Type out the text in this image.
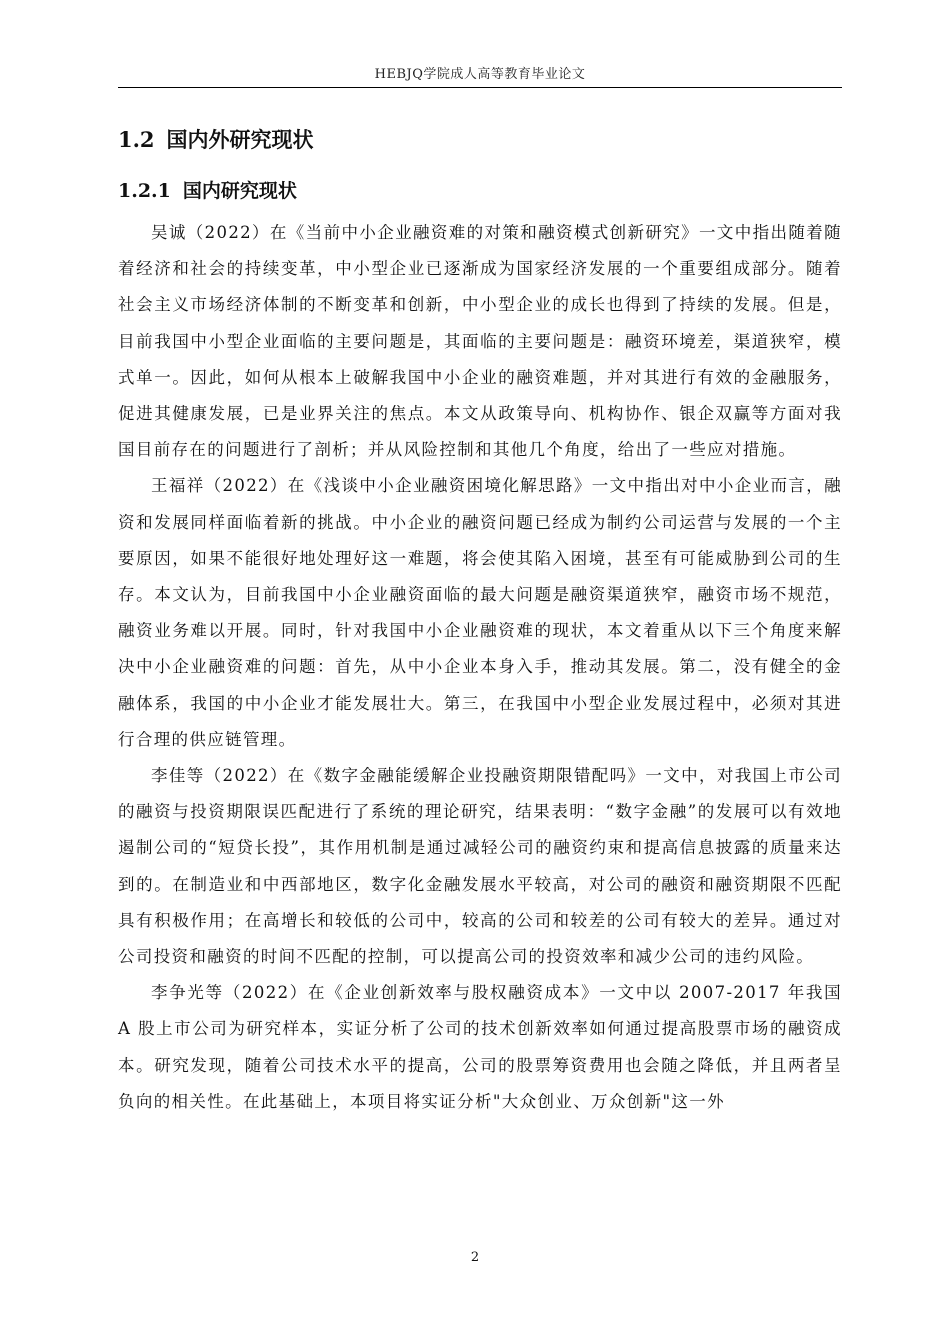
HEBJQ学院成人高等教育毕业论文
1.2 国内外研究现状
1.2.1 国内研究现状

吴诚（2022）在《当前中小企业融资难的对策和融资模式创新研究》一文中指出随着随着经济和社会的持续变革，中小型企业已逐渐成为国家经济发展的一个重要组成部分。随着社会主义市场经济体制的不断变革和创新，中小型企业的成长也得到了持续的发展。但是，目前我国中小型企业面临的主要问题是，其面临的主要问题是：融资环境差，渠道狭窄，模式单一。因此，如何从根本上破解我国中小企业的融资难题，并对其进行有效的金融服务，促进其健康发展，已是业界关注的焦点。本文从政策导向、机构协作、银企双赢等方面对我国目前存在的问题进行了剖析；并从风险控制和其他几个角度，给出了一些应对措施。

王福祥（2022）在《浅谈中小企业融资困境化解思路》一文中指出对中小企业而言，融资和发展同样面临着新的挑战。中小企业的融资问题已经成为制约公司运营与发展的一个主要原因，如果不能很好地处理好这一难题，将会使其陷入困境，甚至有可能威胁到公司的生存。本文认为，目前我国中小企业融资面临的最大问题是融资渠道狭窄，融资市场不规范，融资业务难以开展。同时，针对我国中小企业融资难的现状，本文着重从以下三个角度来解决中小企业融资难的问题：首先，从中小企业本身入手，推动其发展。第二，没有健全的金融体系，我国的中小企业才能发展壮大。第三，在我国中小型企业发展过程中，必须对其进行合理的供应链管理。

李佳等（2022）在《数字金融能缓解企业投融资期限错配吗》一文中，对我国上市公司的融资与投资期限误匹配进行了系统的理论研究，结果表明：“数字金融”的发展可以有效地遏制公司的“短贷长投”，其作用机制是通过减轻公司的融资约束和提高信息披露的质量来达到的。在制造业和中西部地区，数字化金融发展水平较高，对公司的融资和融资期限不匹配具有积极作用；在高增长和较低的公司中，较高的公司和较差的公司有较大的差异。通过对公司投资和融资的时间不匹配的控制，可以提高公司的投资效率和减少公司的违约风险。

李争光等（2022）在《企业创新效率与股权融资成本》一文中以 2007-2017 年我国 A 股上市公司为研究样本，实证分析了公司的技术创新效率如何通过提高股票市场的融资成本。研究发现，随着公司技术水平的提高，公司的股票筹资费用也会随之降低，并且两者呈负向的相关性。在此基础上，本项目将实证分析"大众创业、万众创新"这一外

2
